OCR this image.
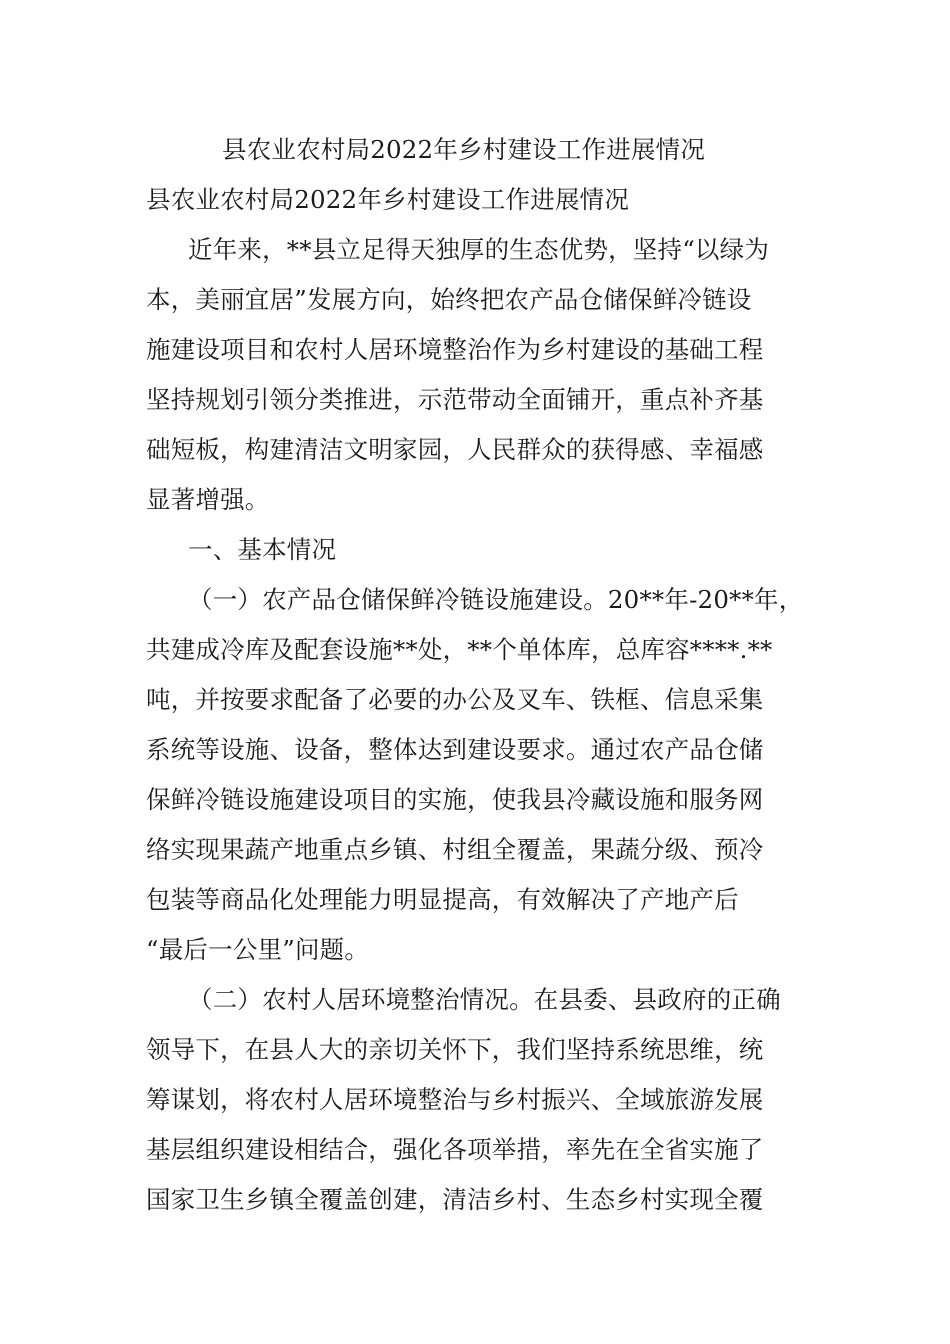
县农业农村局2022年乡村建设工作进展情况
县农业农村局2022年乡村建设工作进展情况
近年来，**县立足得天独厚的生态优势，坚持“以绿为
本，美丽宜居”发展方向，始终把农产品仓储保鲜冷链设
施建设项目和农村人居环境整治作为乡村建设的基础工程
坚持规划引领分类推进，示范带动全面铺开，重点补齐基
础短板，构建清洁文明家园，人民群众的获得感、幸福感
显著增强。
一、基本情况
（一）农产品仓储保鲜冷链设施建设。20**年-20**年，
共建成冷库及配套设施**处，**个单体库，总库容****.**
吨，并按要求配备了必要的办公及叉车、铁框、信息采集
系统等设施、设备，整体达到建设要求。通过农产品仓储
保鲜冷链设施建设项目的实施，使我县冷藏设施和服务网
络实现果蔬产地重点乡镇、村组全覆盖，果蔬分级、预冷
包装等商品化处理能力明显提高，有效解决了产地产后
“最后一公里”问题。
（二）农村人居环境整治情况。在县委、县政府的正确
领导下，在县人大的亲切关怀下，我们坚持系统思维，统
筹谋划，将农村人居环境整治与乡村振兴、全域旅游发展
基层组织建设相结合，强化各项举措，率先在全省实施了
国家卫生乡镇全覆盖创建，清洁乡村、生态乡村实现全覆
